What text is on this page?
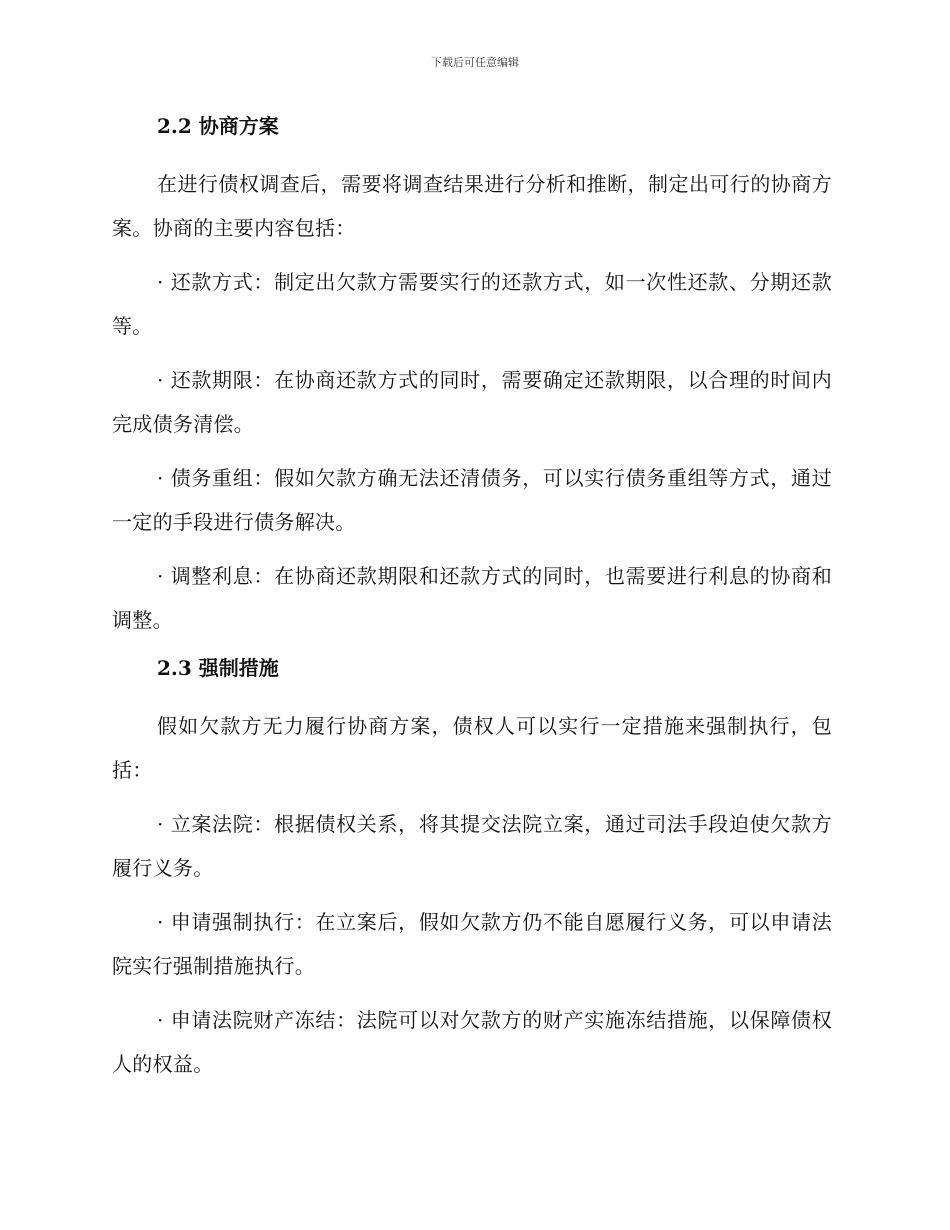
下载后可任意编辑
2.2 协商方案

在进行债权调查后，需要将调查结果进行分析和推断，制定出可行的协商方案。协商的主要内容包括：

· 还款方式：制定出欠款方需要实行的还款方式，如一次性还款、分期还款等。

· 还款期限：在协商还款方式的同时，需要确定还款期限，以合理的时间内完成债务清偿。

· 债务重组：假如欠款方确无法还清债务，可以实行债务重组等方式，通过一定的手段进行债务解决。

· 调整利息：在协商还款期限和还款方式的同时，也需要进行利息的协商和调整。

2.3 强制措施

假如欠款方无力履行协商方案，债权人可以实行一定措施来强制执行，包括：

· 立案法院：根据债权关系，将其提交法院立案，通过司法手段迫使欠款方履行义务。

· 申请强制执行：在立案后，假如欠款方仍不能自愿履行义务，可以申请法院实行强制措施执行。

· 申请法院财产冻结：法院可以对欠款方的财产实施冻结措施，以保障债权人的权益。
